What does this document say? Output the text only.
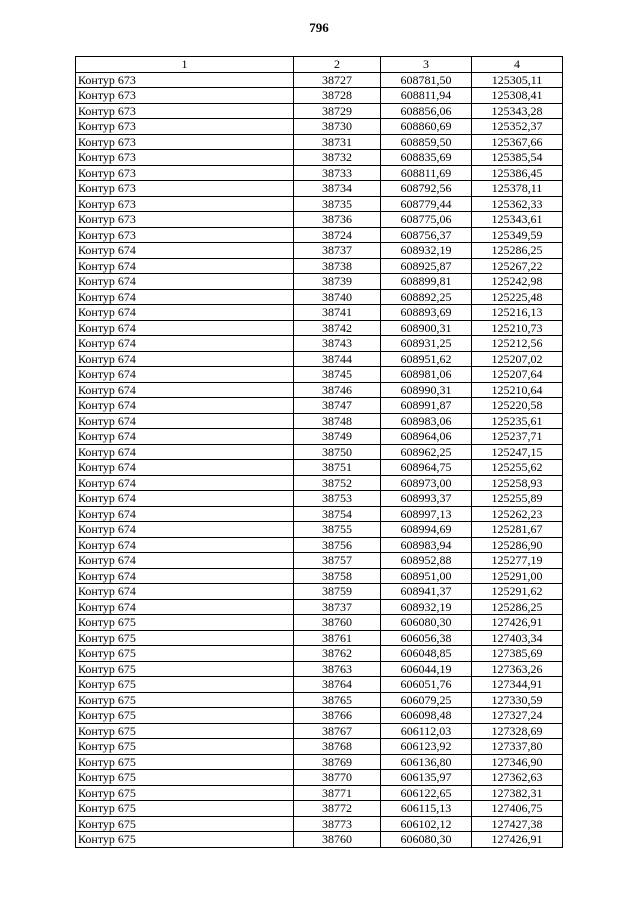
796
1	2	3	4
Контур 673	38727	608781,50	125305,11
Контур 673	38728	608811,94	125308,41
Контур 673	38729	608856,06	125343,28
Контур 673	38730	608860,69	125352,37
Контур 673	38731	608859,50	125367,66
Контур 673	38732	608835,69	125385,54
Контур 673	38733	608811,69	125386,45
Контур 673	38734	608792,56	125378,11
Контур 673	38735	608779,44	125362,33
Контур 673	38736	608775,06	125343,61
Контур 673	38724	608756,37	125349,59
Контур 674	38737	608932,19	125286,25
Контур 674	38738	608925,87	125267,22
Контур 674	38739	608899,81	125242,98
Контур 674	38740	608892,25	125225,48
Контур 674	38741	608893,69	125216,13
Контур 674	38742	608900,31	125210,73
Контур 674	38743	608931,25	125212,56
Контур 674	38744	608951,62	125207,02
Контур 674	38745	608981,06	125207,64
Контур 674	38746	608990,31	125210,64
Контур 674	38747	608991,87	125220,58
Контур 674	38748	608983,06	125235,61
Контур 674	38749	608964,06	125237,71
Контур 674	38750	608962,25	125247,15
Контур 674	38751	608964,75	125255,62
Контур 674	38752	608973,00	125258,93
Контур 674	38753	608993,37	125255,89
Контур 674	38754	608997,13	125262,23
Контур 674	38755	608994,69	125281,67
Контур 674	38756	608983,94	125286,90
Контур 674	38757	608952,88	125277,19
Контур 674	38758	608951,00	125291,00
Контур 674	38759	608941,37	125291,62
Контур 674	38737	608932,19	125286,25
Контур 675	38760	606080,30	127426,91
Контур 675	38761	606056,38	127403,34
Контур 675	38762	606048,85	127385,69
Контур 675	38763	606044,19	127363,26
Контур 675	38764	606051,76	127344,91
Контур 675	38765	606079,25	127330,59
Контур 675	38766	606098,48	127327,24
Контур 675	38767	606112,03	127328,69
Контур 675	38768	606123,92	127337,80
Контур 675	38769	606136,80	127346,90
Контур 675	38770	606135,97	127362,63
Контур 675	38771	606122,65	127382,31
Контур 675	38772	606115,13	127406,75
Контур 675	38773	606102,12	127427,38
Контур 675	38760	606080,30	127426,91
